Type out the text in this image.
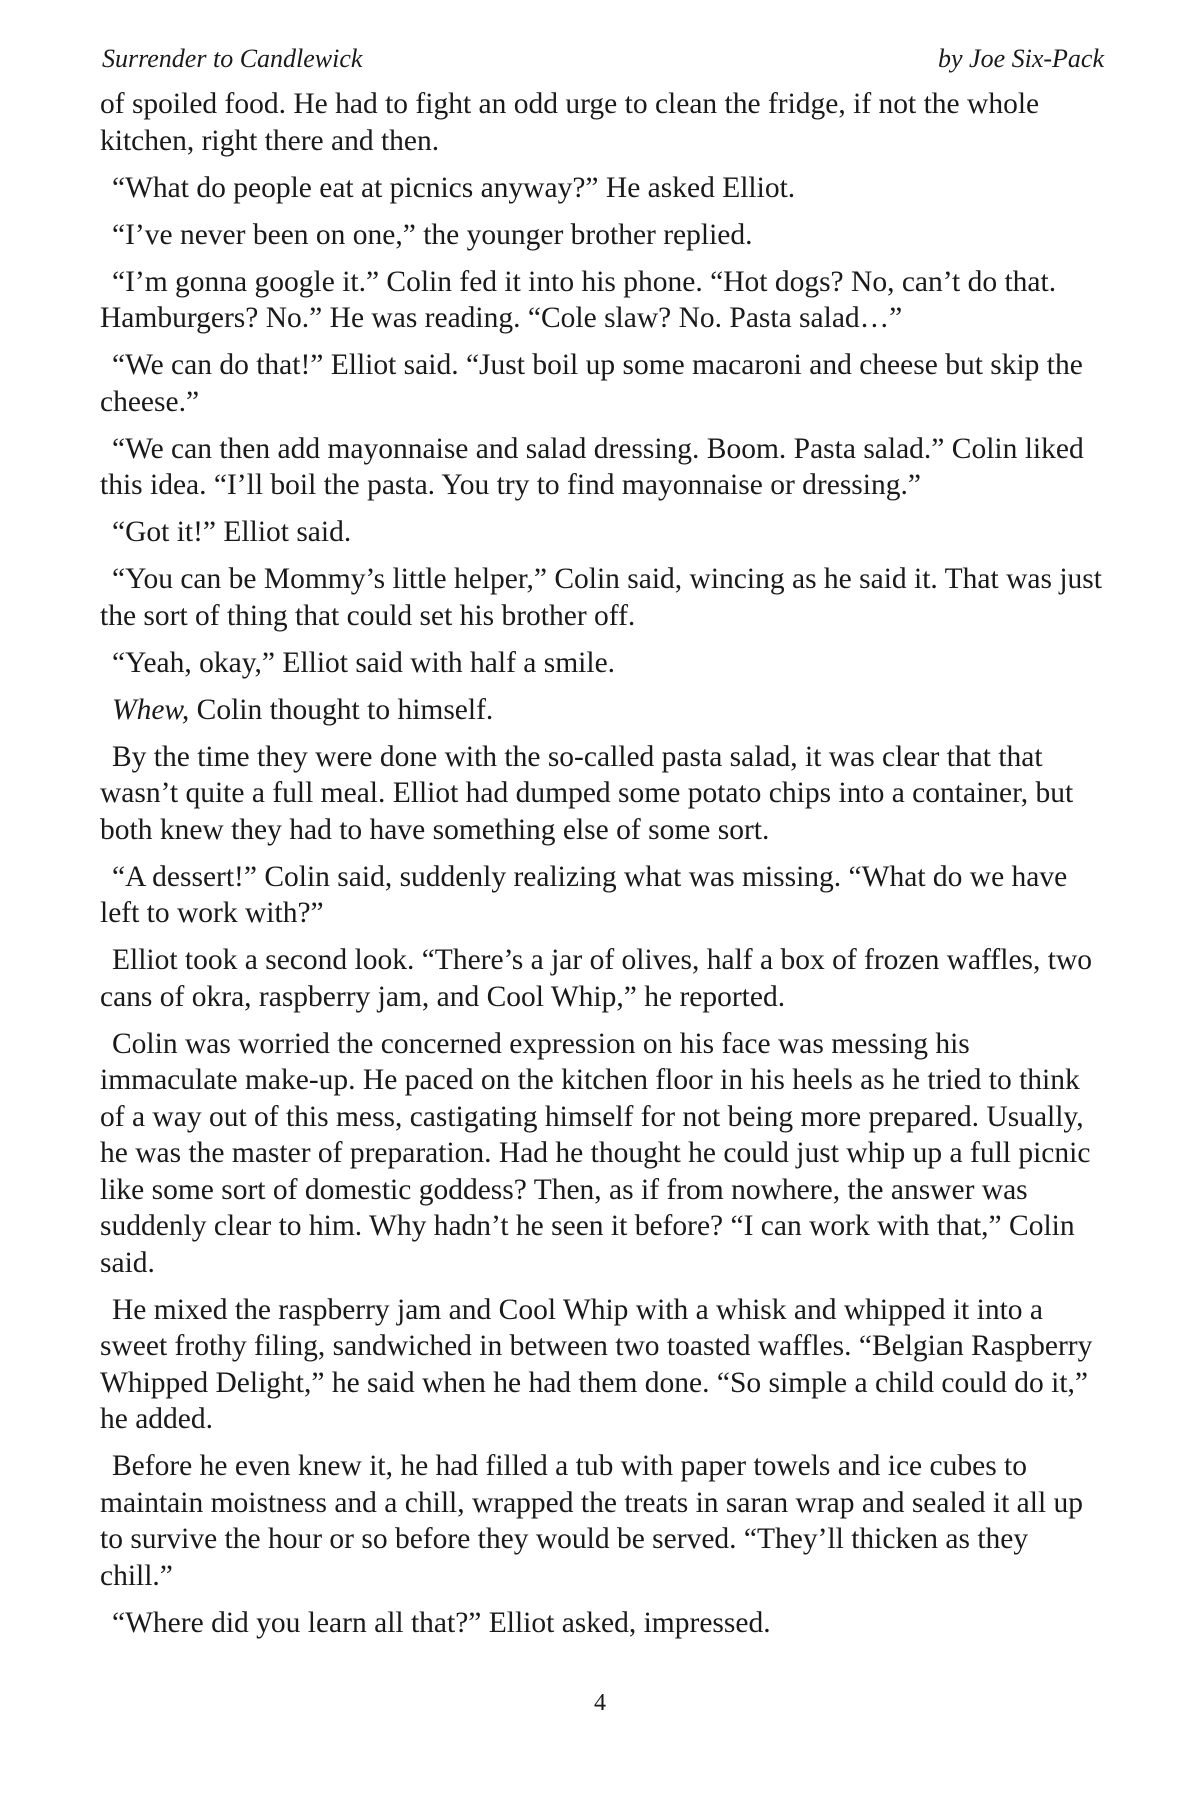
Surrender to Candlewick	by Joe Six-Pack

of spoiled food. He had to fight an odd urge to clean the fridge, if not the whole kitchen, right there and then.

“What do people eat at picnics anyway?” He asked Elliot.

“I’ve never been on one,” the younger brother replied.

“I’m gonna google it.” Colin fed it into his phone. “Hot dogs? No, can’t do that. Hamburgers? No.” He was reading. “Cole slaw? No. Pasta salad…”

“We can do that!” Elliot said. “Just boil up some macaroni and cheese but skip the cheese.”

“We can then add mayonnaise and salad dressing. Boom. Pasta salad.” Colin liked this idea. “I’ll boil the pasta. You try to find mayonnaise or dressing.”

“Got it!” Elliot said.

“You can be Mommy’s little helper,” Colin said, wincing as he said it. That was just the sort of thing that could set his brother off.

“Yeah, okay,” Elliot said with half a smile.

Whew, Colin thought to himself.

By the time they were done with the so-called pasta salad, it was clear that that wasn’t quite a full meal. Elliot had dumped some potato chips into a container, but both knew they had to have something else of some sort.

“A dessert!” Colin said, suddenly realizing what was missing. “What do we have left to work with?”

Elliot took a second look. “There’s a jar of olives, half a box of frozen waffles, two cans of okra, raspberry jam, and Cool Whip,” he reported.

Colin was worried the concerned expression on his face was messing his immaculate make-up. He paced on the kitchen floor in his heels as he tried to think of a way out of this mess, castigating himself for not being more prepared. Usually, he was the master of preparation. Had he thought he could just whip up a full picnic like some sort of domestic goddess? Then, as if from nowhere, the answer was suddenly clear to him. Why hadn’t he seen it before? “I can work with that,” Colin said.

He mixed the raspberry jam and Cool Whip with a whisk and whipped it into a sweet frothy filing, sandwiched in between two toasted waffles. “Belgian Raspberry Whipped Delight,” he said when he had them done. “So simple a child could do it,” he added.

Before he even knew it, he had filled a tub with paper towels and ice cubes to maintain moistness and a chill, wrapped the treats in saran wrap and sealed it all up to survive the hour or so before they would be served. “They’ll thicken as they chill.”

“Where did you learn all that?” Elliot asked, impressed.

4
